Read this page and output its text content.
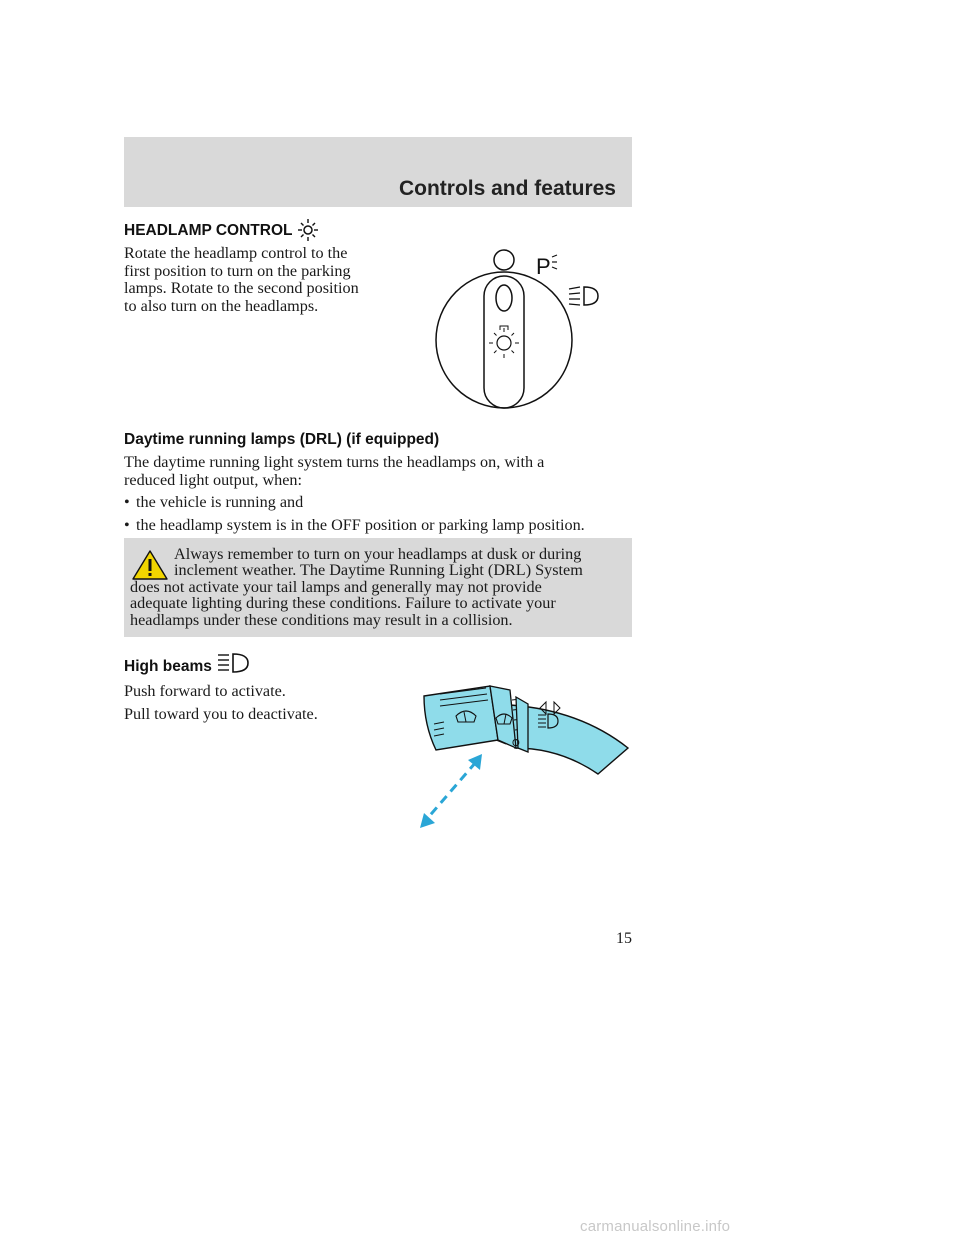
Controls and features
HEADLAMP CONTROL
Rotate the headlamp control to the
first position to turn on the parking
lamps. Rotate to the second position
to also turn on the headlamps.
P
Daytime running lamps (DRL) (if equipped)
The daytime running light system turns the headlamps on, with a
reduced light output, when:
• the vehicle is running and
• the headlamp system is in the OFF position or parking lamp position.
Always remember to turn on your headlamps at dusk or during
inclement weather. The Daytime Running Light (DRL) System
does not activate your tail lamps and generally may not provide
adequate lighting during these conditions. Failure to activate your
headlamps under these conditions may result in a collision.
High beams
Push forward to activate.
Pull toward you to deactivate.
O
15
carmanualsonline.info
